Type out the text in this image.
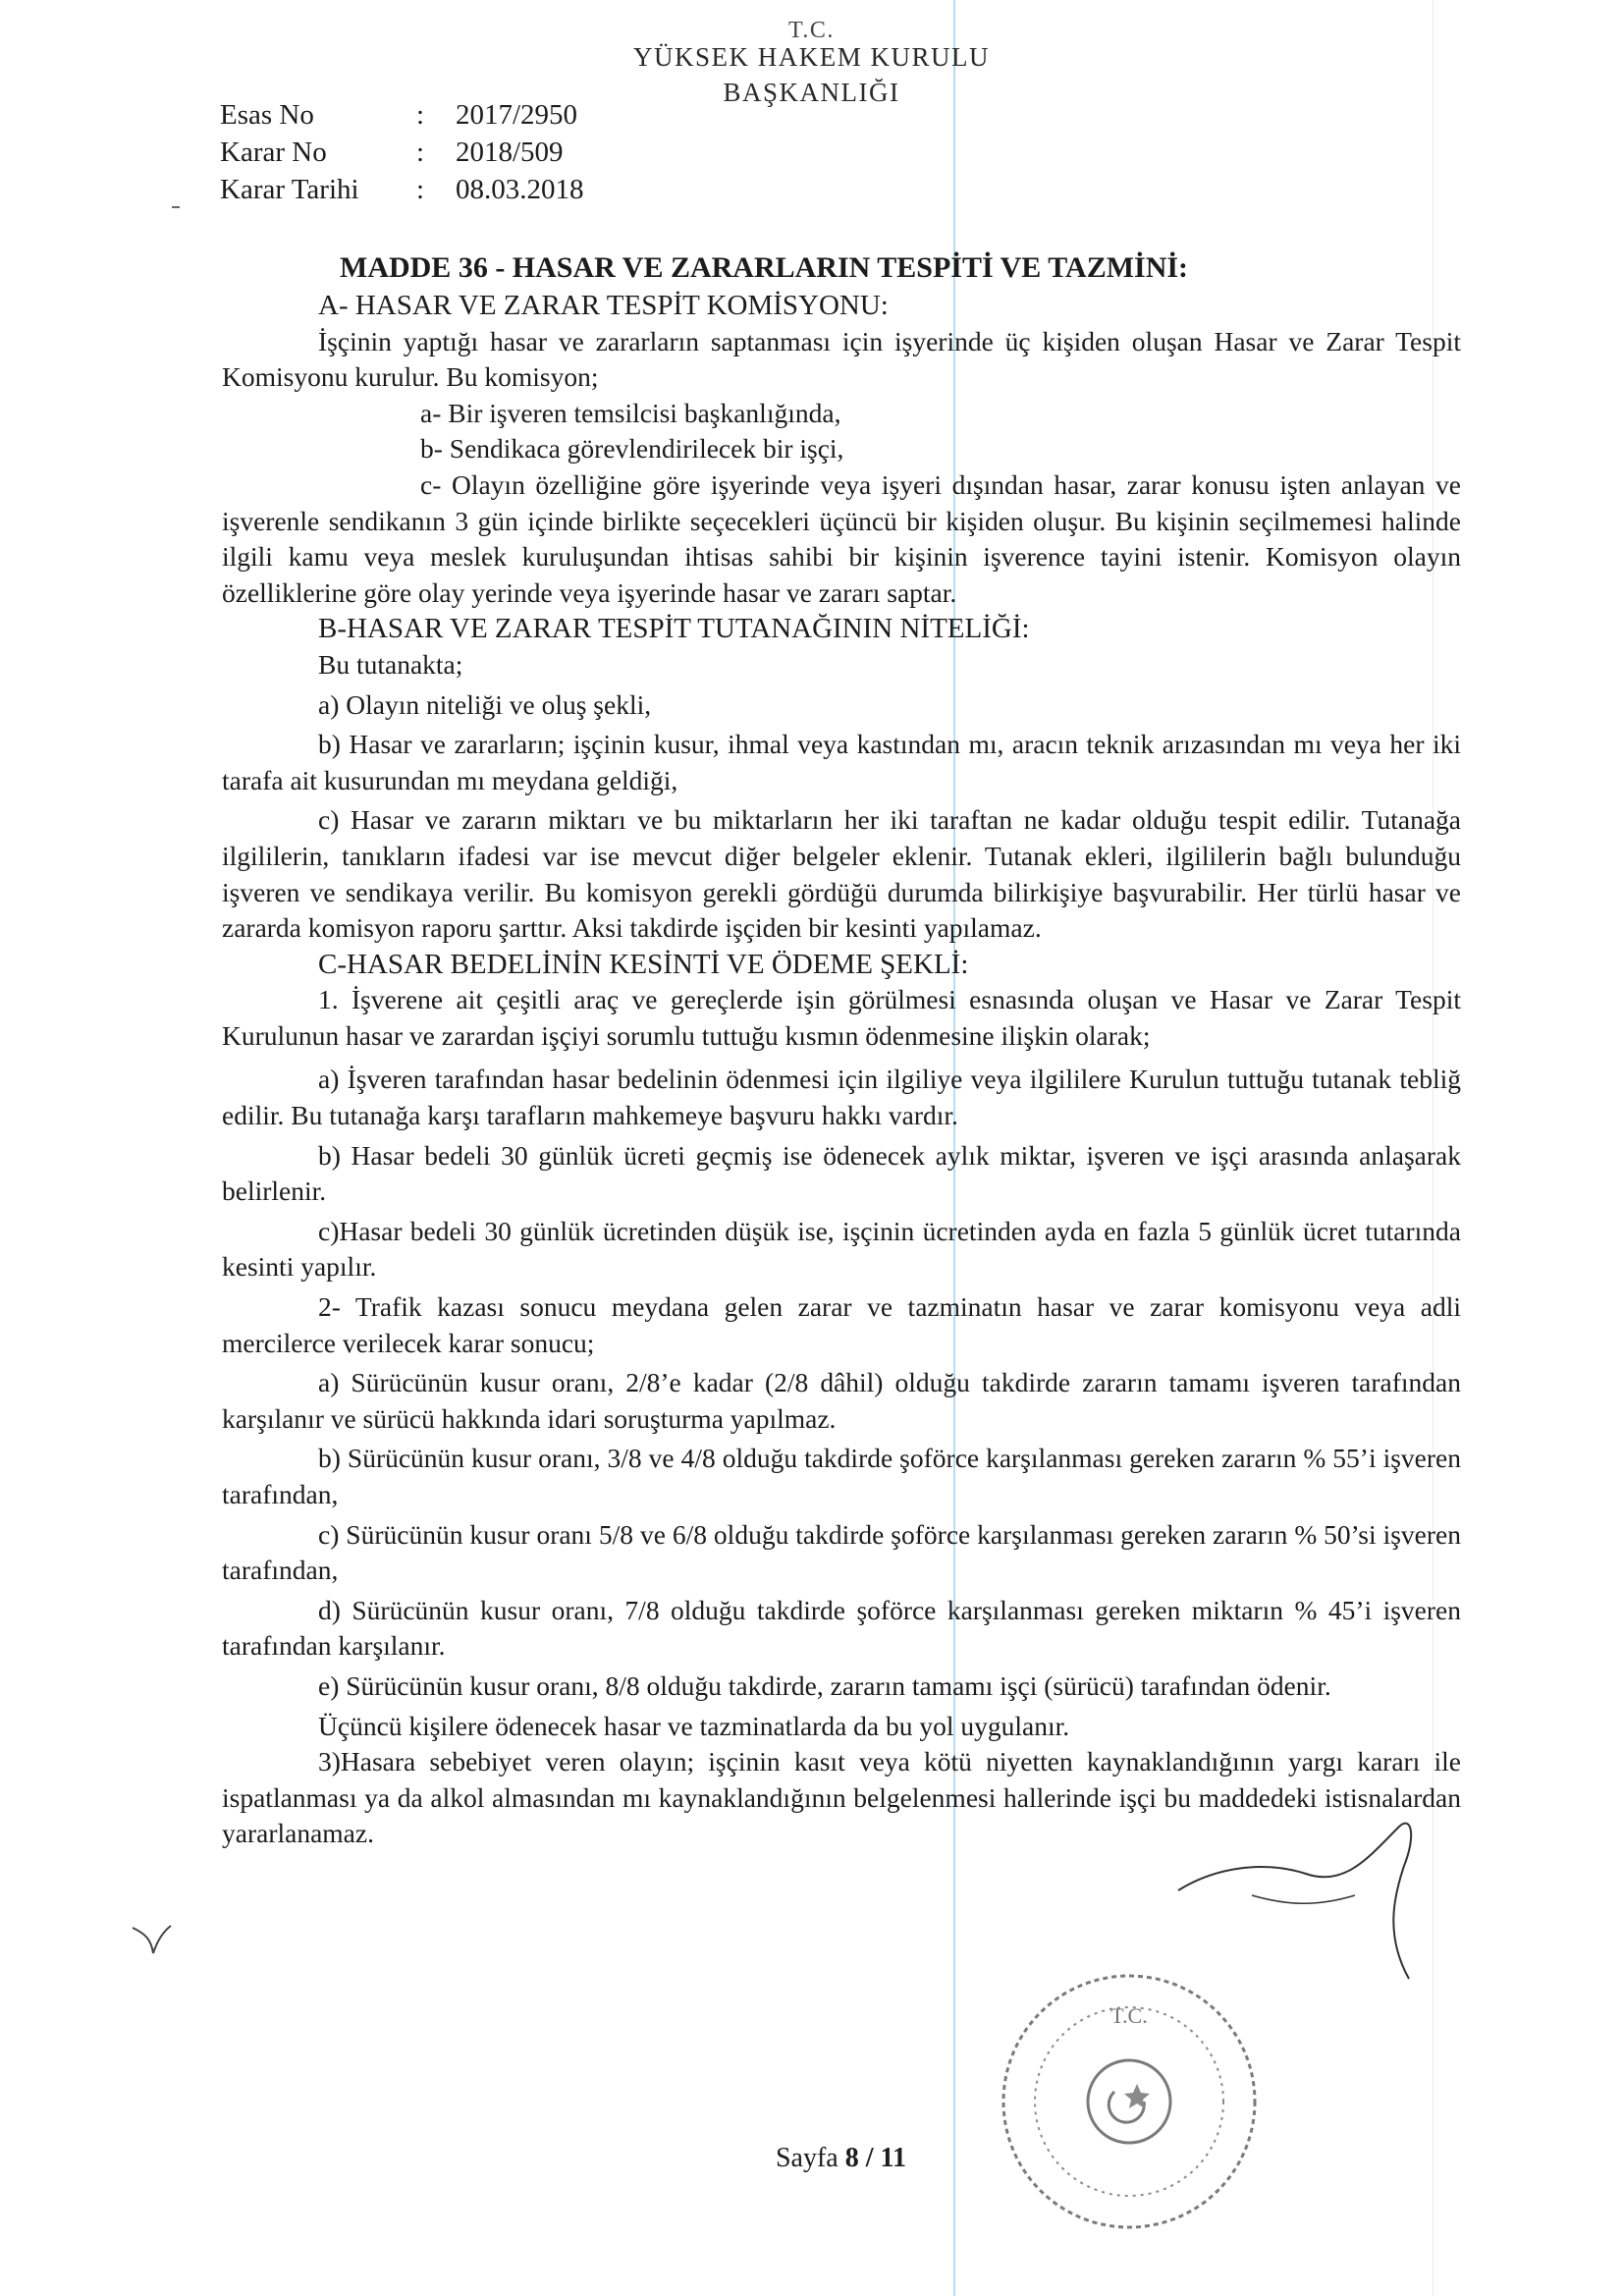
T.C.
YÜKSEK HAKEM KURULU
BAŞKANLIĞI
Esas No	:	2017/2950
Karar No	:	2018/509
Karar Tarihi	:	08.03.2018

MADDE 36 - HASAR VE ZARARLARIN TESPİTİ VE TAZMİNİ:

A- HASAR VE ZARAR TESPİT KOMİSYONU:

İşçinin yaptığı hasar ve zararların saptanması için işyerinde üç kişiden oluşan Hasar ve Zarar Tespit Komisyonu kurulur. Bu komisyon;

a- Bir işveren temsilcisi başkanlığında,

b- Sendikaca görevlendirilecek bir işçi,

c- Olayın özelliğine göre işyerinde veya işyeri dışından hasar, zarar konusu işten anlayan ve işverenle sendikanın 3 gün içinde birlikte seçecekleri üçüncü bir kişiden oluşur. Bu kişinin seçilmemesi halinde ilgili kamu veya meslek kuruluşundan ihtisas sahibi bir kişinin işverence tayini istenir. Komisyon olayın özelliklerine göre olay yerinde veya işyerinde hasar ve zararı saptar.

B-HASAR VE ZARAR TESPİT TUTANAĞININ NİTELİĞİ:

Bu tutanakta;

a) Olayın niteliği ve oluş şekli,

b) Hasar ve zararların; işçinin kusur, ihmal veya kastından mı, aracın teknik arızasından mı veya her iki tarafa ait kusurundan mı meydana geldiği,

c) Hasar ve zararın miktarı ve bu miktarların her iki taraftan ne kadar olduğu tespit edilir. Tutanağa ilgililerin, tanıkların ifadesi var ise mevcut diğer belgeler eklenir. Tutanak ekleri, ilgililerin bağlı bulunduğu işveren ve sendikaya verilir. Bu komisyon gerekli gördüğü durumda bilirkişiye başvurabilir. Her türlü hasar ve zararda komisyon raporu şarttır. Aksi takdirde işçiden bir kesinti yapılamaz.

C-HASAR BEDELİNİN KESİNTİ VE ÖDEME ŞEKLİ:

1. İşverene ait çeşitli araç ve gereçlerde işin görülmesi esnasında oluşan ve Hasar ve Zarar Tespit Kurulunun hasar ve zarardan işçiyi sorumlu tuttuğu kısmın ödenmesine ilişkin olarak;

a) İşveren tarafından hasar bedelinin ödenmesi için ilgiliye veya ilgililere Kurulun tuttuğu tutanak tebliğ edilir. Bu tutanağa karşı tarafların mahkemeye başvuru hakkı vardır.

b) Hasar bedeli 30 günlük ücreti geçmiş ise ödenecek aylık miktar, işveren ve işçi arasında anlaşarak belirlenir.

c)Hasar bedeli 30 günlük ücretinden düşük ise, işçinin ücretinden ayda en fazla 5 günlük ücret tutarında kesinti yapılır.

2- Trafik kazası sonucu meydana gelen zarar ve tazminatın hasar ve zarar komisyonu veya adli mercilerce verilecek karar sonucu;

a) Sürücünün kusur oranı, 2/8’e kadar (2/8 dâhil) olduğu takdirde zararın tamamı işveren tarafından karşılanır ve sürücü hakkında idari soruşturma yapılmaz.

b) Sürücünün kusur oranı, 3/8 ve 4/8 olduğu takdirde şoförce karşılanması gereken zararın % 55’i işveren tarafından,

c) Sürücünün kusur oranı 5/8 ve 6/8 olduğu takdirde şoförce karşılanması gereken zararın % 50’si işveren tarafından,

d) Sürücünün kusur oranı, 7/8 olduğu takdirde şoförce karşılanması gereken miktarın % 45’i işveren tarafından karşılanır.

e) Sürücünün kusur oranı, 8/8 olduğu takdirde, zararın tamamı işçi (sürücü) tarafından ödenir.

Üçüncü kişilere ödenecek hasar ve tazminatlarda da bu yol uygulanır.

3)Hasara sebebiyet veren olayın; işçinin kasıt veya kötü niyetten kaynaklandığının yargı kararı ile ispatlanması ya da alkol almasından mı kaynaklandığının belgelenmesi hallerinde işçi bu maddedeki istisnalardan yararlanamaz.

Sayfa 8 / 11
T.C.
